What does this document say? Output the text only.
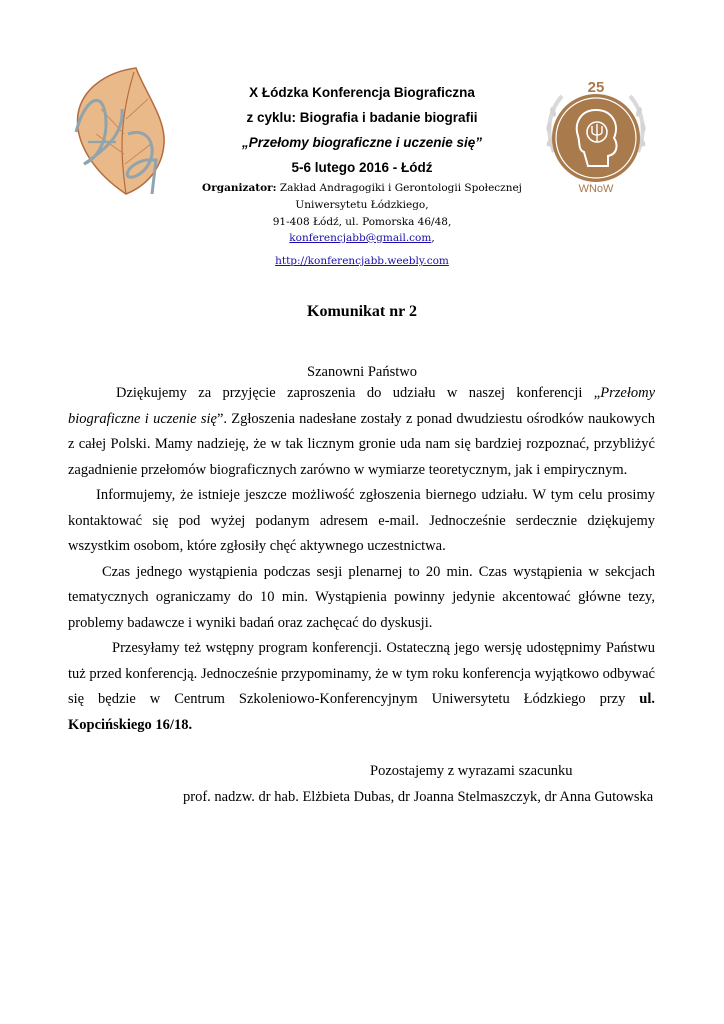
X Łódzka Konferencja Biograficzna
z cyklu: Biografia i badanie biografii
„Przełomy biograficzne i uczenie się”
5-6 lutego 2016 - Łódź
25
WNoW
Organizator: Zakład Andragogiki i Gerontologii Społecznej
Uniwersytetu Łódzkiego,
91-408 Łódź, ul. Pomorska 46/48,
konferencjabb@gmail.com,
http://konferencjabb.weebly.com
Komunikat nr 2
Szanowni Państwo

Dziękujemy za przyjęcie zaproszenia do udziału w naszej konferencji „Przełomy biograficzne i uczenie się”. Zgłoszenia nadesłane zostały z ponad dwudziestu ośrodków naukowych z całej Polski. Mamy nadzieję, że w tak licznym gronie uda nam się bardziej rozpoznać, przybliżyć zagadnienie przełomów biograficznych zarówno w wymiarze teoretycznym, jak i empirycznym.

Informujemy, że istnieje jeszcze możliwość zgłoszenia biernego udziału. W tym celu prosimy kontaktować się pod wyżej podanym adresem e-mail. Jednocześnie serdecznie dziękujemy wszystkim osobom, które zgłosiły chęć aktywnego uczestnictwa.

Czas jednego wystąpienia podczas sesji plenarnej to 20 min. Czas wystąpienia w sekcjach tematycznych ograniczamy do 10 min. Wystąpienia powinny jedynie akcentować główne tezy, problemy badawcze i wyniki badań oraz zachęcać do dyskusji.

Przesyłamy też wstępny program konferencji. Ostateczną jego wersję udostępnimy Państwu tuż przed konferencją. Jednocześnie przypominamy, że w tym roku konferencja wyjątkowo odbywać się będzie w Centrum Szkoleniowo-Konferencyjnym Uniwersytetu Łódzkiego przy ul. Kopcińskiego 16/18.

Pozostajemy z wyrazami szacunku
prof. nadzw. dr hab. Elżbieta Dubas, dr Joanna Stelmaszczyk, dr Anna Gutowska
